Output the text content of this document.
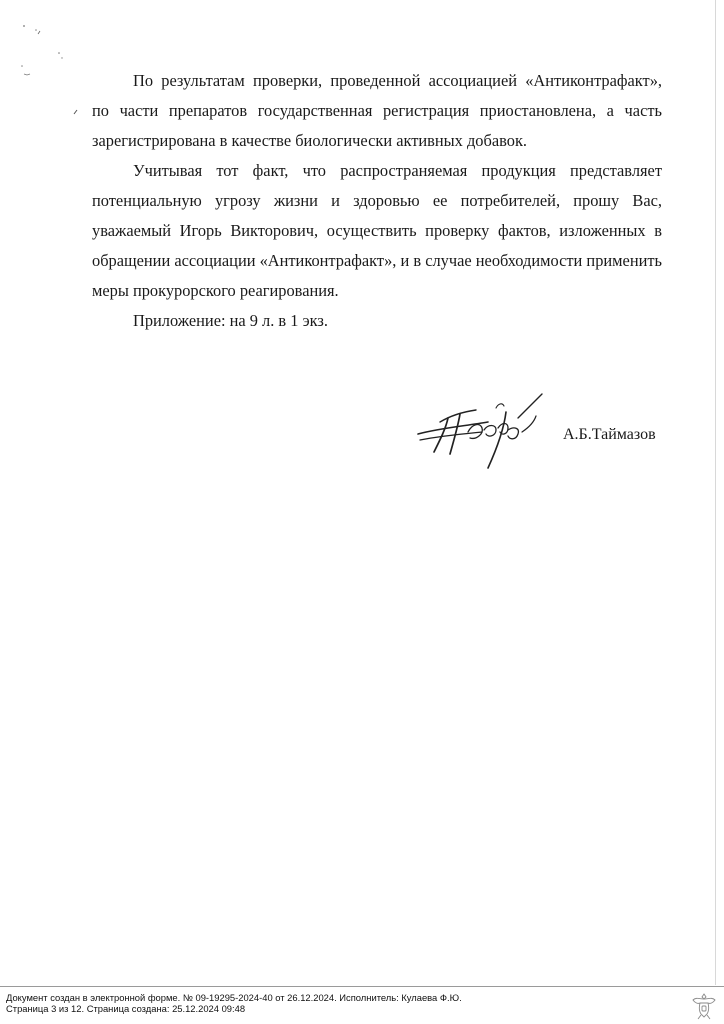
По результатам проверки, проведенной ассоциацией «Антиконтрафакт», по части препаратов государственная регистрация приостановлена, а часть зарегистрирована в качестве биологически активных добавок.

Учитывая тот факт, что распространяемая продукция представляет потенциальную угрозу жизни и здоровью ее потребителей, прошу Вас, уважаемый Игорь Викторович, осуществить проверку фактов, изложенных в обращении ассоциации «Антиконтрафакт», и в случае необходимости применить меры прокурорского реагирования.

Приложение: на 9 л. в 1 экз.

А.Б.Таймазов
Документ создан в электронной форме. № 09-19295-2024-40 от 26.12.2024. Исполнитель: Кулаева Ф.Ю.
Страница 3 из 12. Страница создана: 25.12.2024 09:48
